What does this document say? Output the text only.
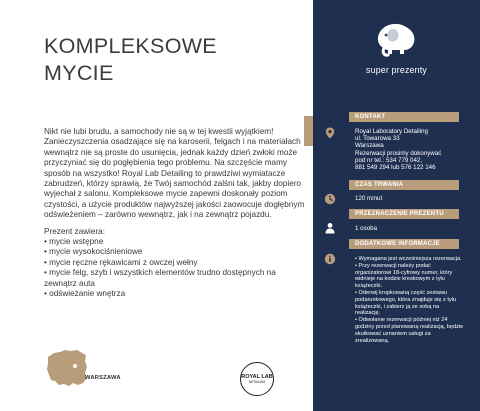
KOMPLEKSOWE
MYCIE

Nikt nie lubi brudu, a samochody nie są w tej kwestii wyjątkiem! Zanieczyszczenia osadzające się na karoserii, felgach i na materiałach wewnątrz nie są proste do usunięcia, jednak każdy dzień zwłoki może przyczyniać się do pogłębienia tego problemu. Na szczęście mamy sposób na wszystko! Royal Lab Detailing to prawdziwi wymiatacze zabrudzeń, którzy sprawią, że Twój samochód zalśni tak, jakby dopiero wyjechał z salonu. Kompleksowe mycie zapewni doskonały poziom czystości, a użycie produktów najwyższej jakości zaowocuje dogłębnym odświeżeniem – zarówno wewnątrz, jak i na zewnątrz pojazdu.

Prezent zawiera:

• mycie wstępne
• mycie wysokociśnieniowe
• mycie ręczne rękawicami z owczej wełny
• mycie felg, szyb i wszystkich elementów trudno dostępnych na zewnątrz auta
• odświeżanie wnętrza
WARSZAWA	ROYAL LAB
DETAILING
super prezenty
KONTAKT

Royal Laboratory Detailing

ul. Towarowa 33

Warszawa

Rezerwacji prosimy dokonywać

pod nr tel.: 534 779 042,

881 549 294 lub 576 122 146

CZAS TRWANIA
120 minut
PRZEZNACZENIE PREZENTU
1 osoba
DODATKOWE INFORMACJE
• Wymagana jest wcześniejsza rezerwacja.
• Przy rezerwacji należy podać organizatorowi 18-cyfrowy numer, który widnieje na kodzie kreskowym z tyłu książeczki.
• Oderwij kropkowaną część zestawu podarunkowego, która znajduje się z tyłu książeczki, i zabierz ją ze sobą na realizację.
• Odwołanie rezerwacji później niż 24 godziny przed planowaną realizacją, będzie skutkować uznaniem usługi za zrealizowaną.
